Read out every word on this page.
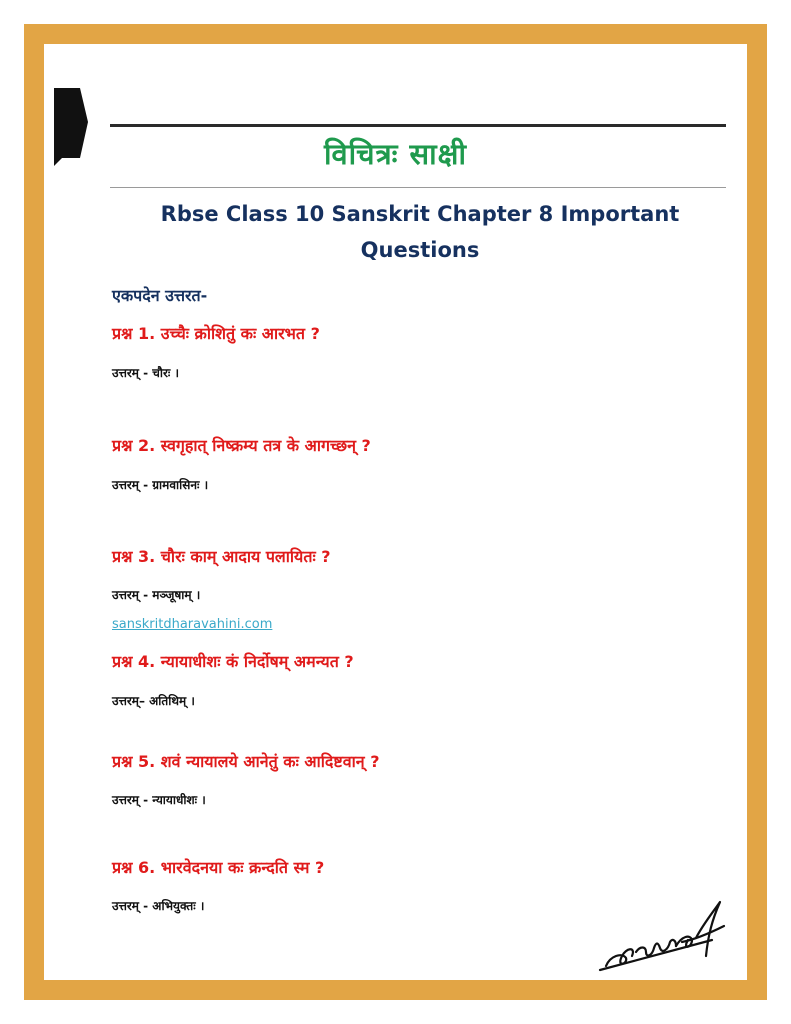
विचित्रः साक्षी
Rbse Class 10 Sanskrit Chapter 8 Important
Questions
एकपदेन उत्तरत-
प्रश्न 1. उच्चैः क्रोशितुं कः आरभत ?
उत्तरम् - चौरः ।
प्रश्न 2. स्वगृहात् निष्क्रम्य तत्र के आगच्छन् ?
उत्तरम् - ग्रामवासिनः ।
प्रश्न 3. चौरः काम् आदाय पलायितः ?
उत्तरम् - मञ्जूषाम् ।
sanskritdharavahini.com
प्रश्न 4. न्यायाधीशः कं निर्दोषम् अमन्यत ?
उत्तरम्– अतिथिम् ।
प्रश्न 5. शवं न्यायालये आनेतुं कः आदिष्टवान् ?
उत्तरम् - न्यायाधीशः ।
प्रश्न 6. भारवेदनया कः क्रन्दति स्म ?
उत्तरम् - अभियुक्तः ।
